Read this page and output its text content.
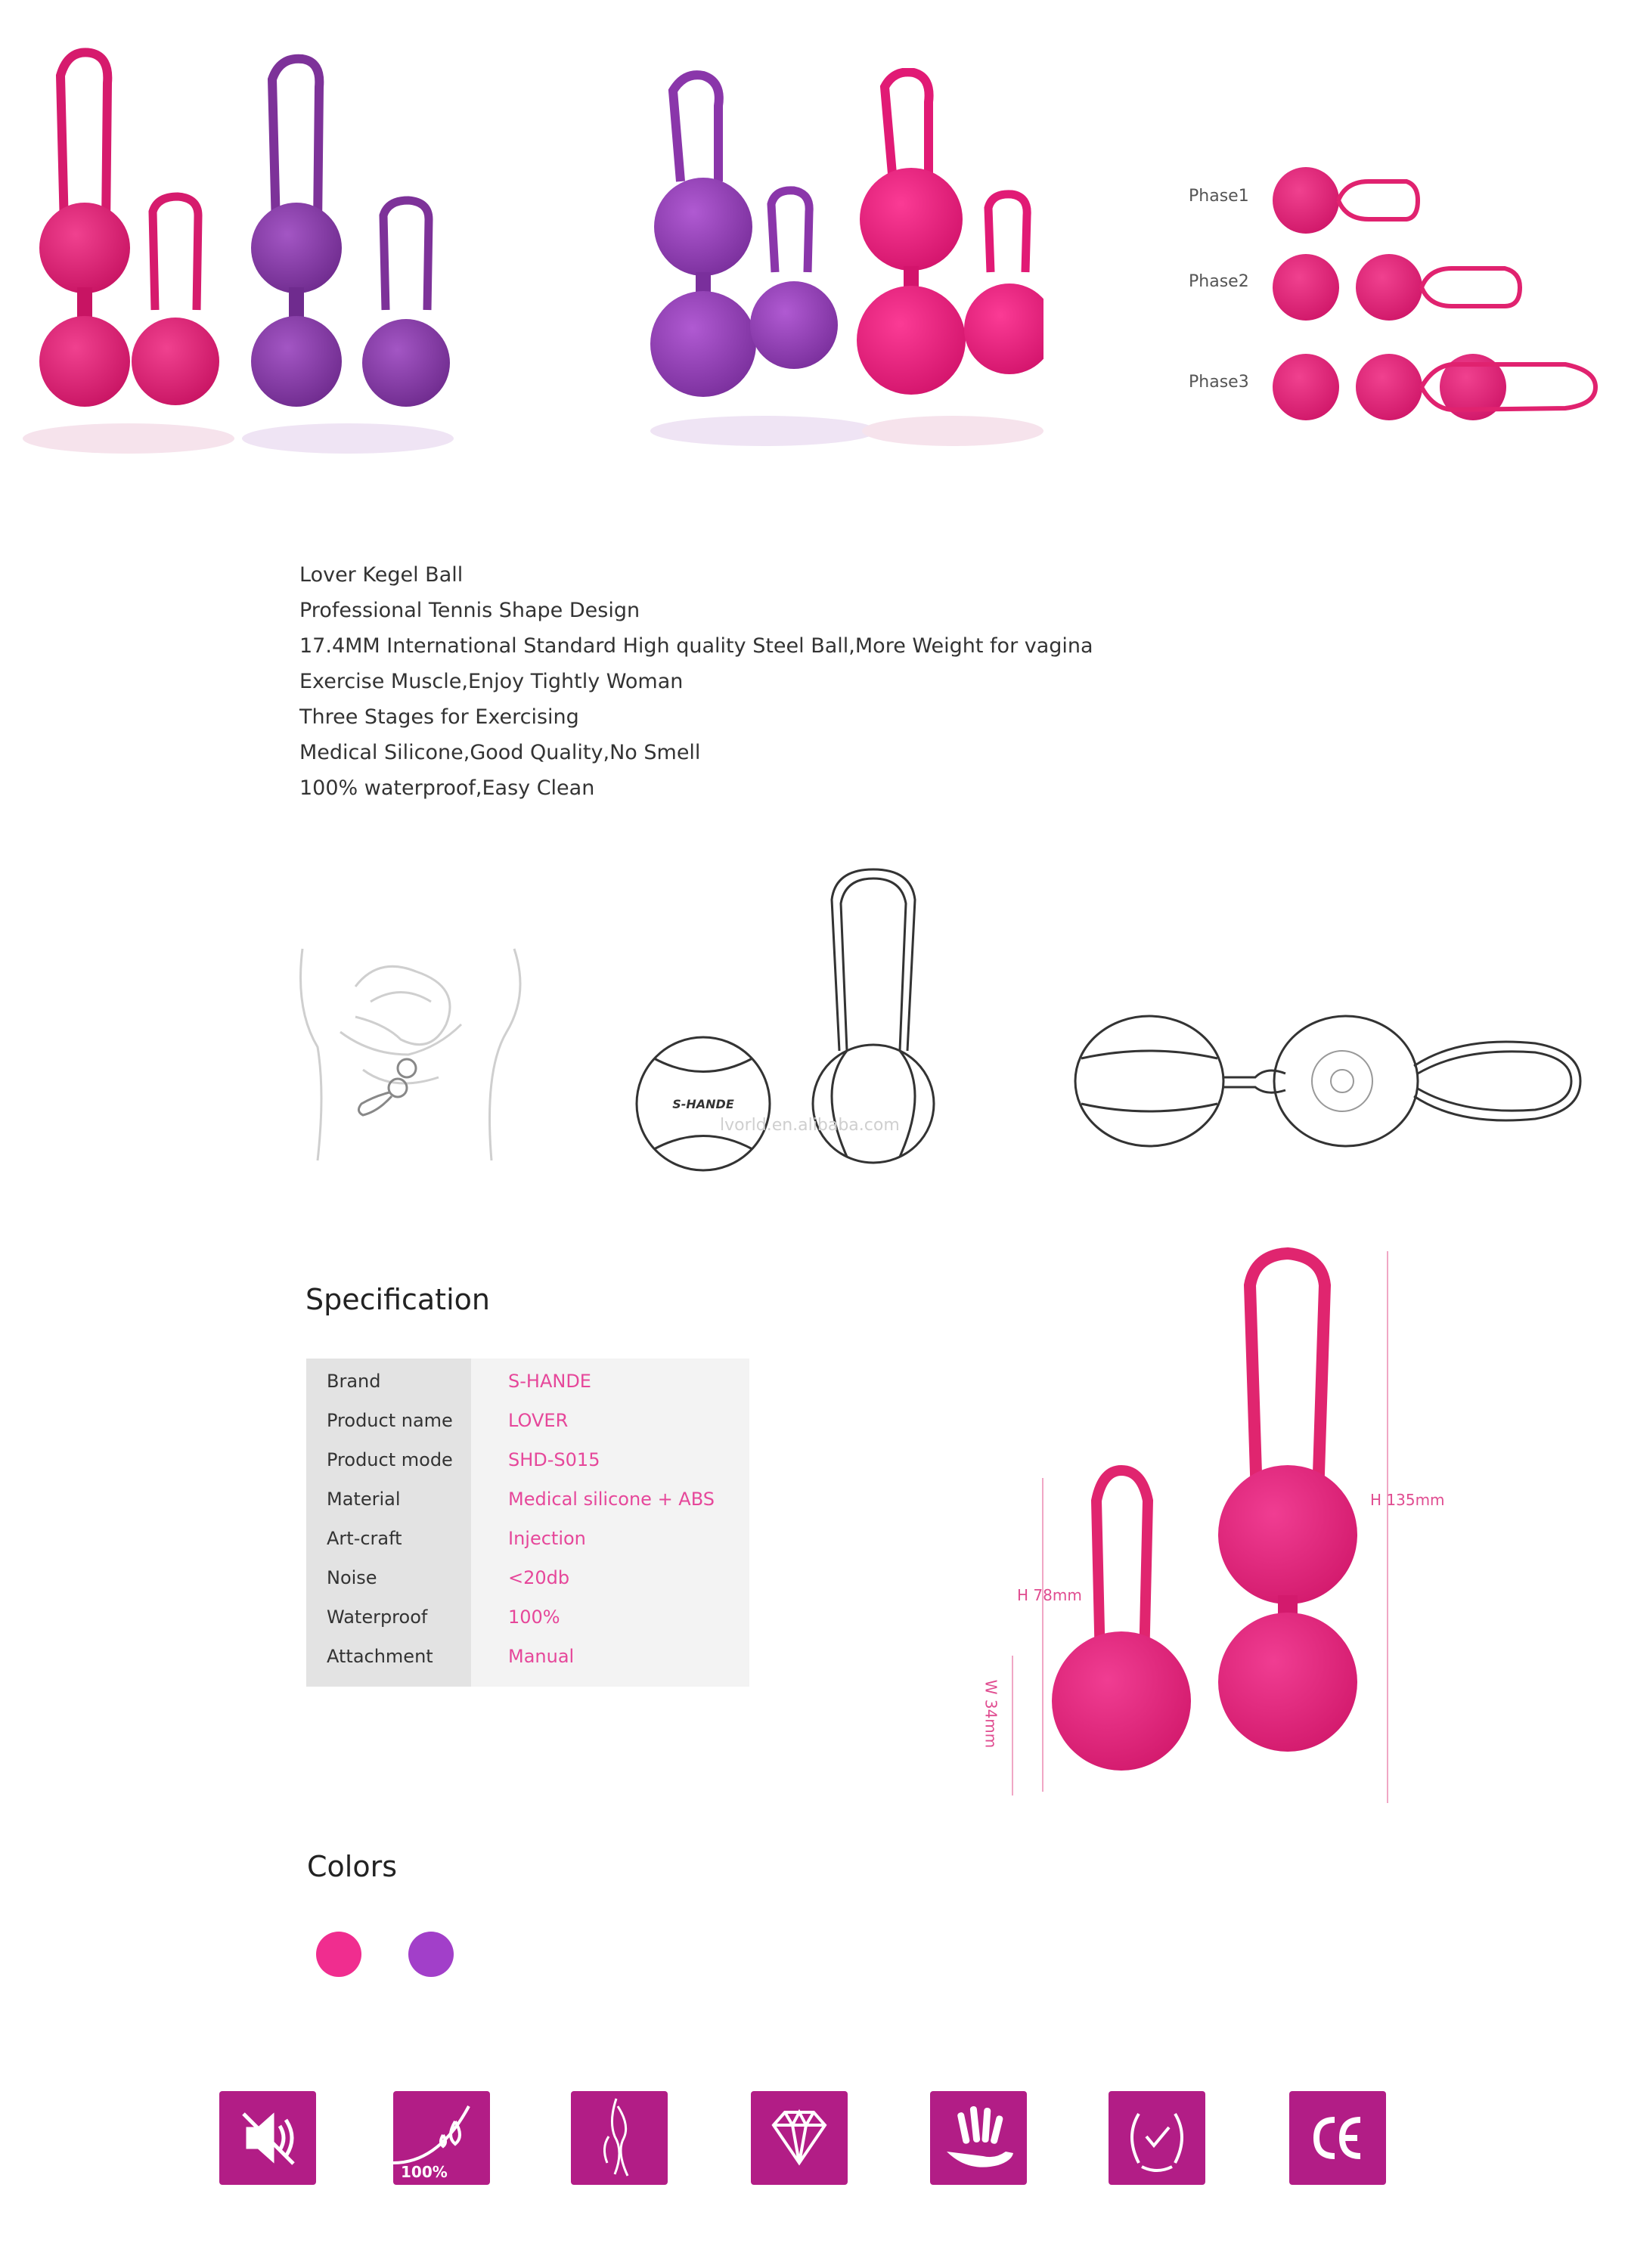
Phase1
Phase2
Phase3
Lover Kegel Ball
Professional Tennis Shape Design
17.4MM International Standard High quality Steel Ball,More Weight for vagina
Exercise Muscle,Enjoy Tightly Woman
Three Stages for Exercising
Medical Silicone,Good Quality,No Smell
100% waterproof,Easy Clean
S-HANDE
lvorld.en.alibaba.com
Specification
Brand	S-HANDE
Product name	LOVER
Product mode	SHD-S015
Material	Medical silicone + ABS
Art-craft	Injection
Noise	<20db
Waterproof	100%
Attachment	Manual
H 135mm
H 78mm
W 34mm
Colors
100%
